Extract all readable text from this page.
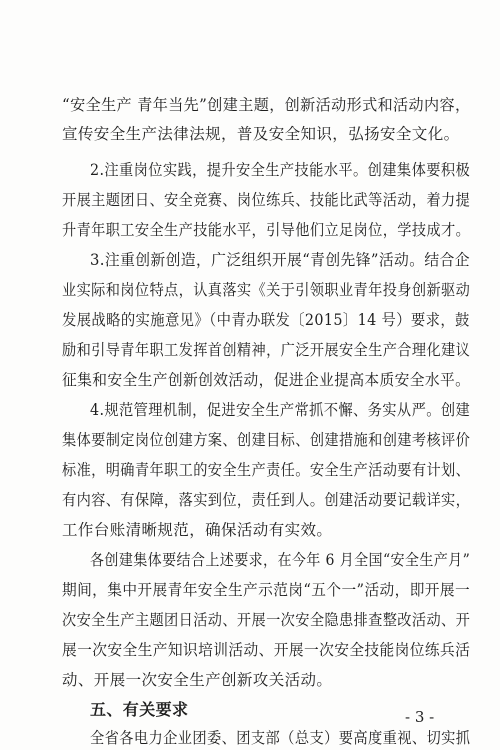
“安全生产 青年当先”创建主题，创新活动形式和活动内容，
宣传安全生产法律法规，普及安全知识，弘扬安全文化。
2.注重岗位实践，提升安全生产技能水平。创建集体要积极
开展主题团日、安全竞赛、岗位练兵、技能比武等活动，着力提
升青年职工安全生产技能水平，引导他们立足岗位，学技成才。
3.注重创新创造，广泛组织开展“青创先锋”活动。结合企
业实际和岗位特点，认真落实《关于引领职业青年投身创新驱动
发展战略的实施意见》（中青办联发〔2015〕14 号）要求，鼓
励和引导青年职工发挥首创精神，广泛开展安全生产合理化建议
征集和安全生产创新创效活动，促进企业提高本质安全水平。
4.规范管理机制，促进安全生产常抓不懈、务实从严。创建
集体要制定岗位创建方案、创建目标、创建措施和创建考核评价
标准，明确青年职工的安全生产责任。安全生产活动要有计划、
有内容、有保障，落实到位，责任到人。创建活动要记载详实，
工作台账清晰规范，确保活动有实效。
各创建集体要结合上述要求，在今年 6 月全国“安全生产月”
期间，集中开展青年安全生产示范岗“五个一”活动，即开展一
次安全生产主题团日活动、开展一次安全隐患排查整改活动、开
展一次安全生产知识培训活动、开展一次安全技能岗位练兵活
动、开展一次安全生产创新攻关活动。
五、有关要求
全省各电力企业团委、团支部（总支）要高度重视、切实抓
- 3 -
